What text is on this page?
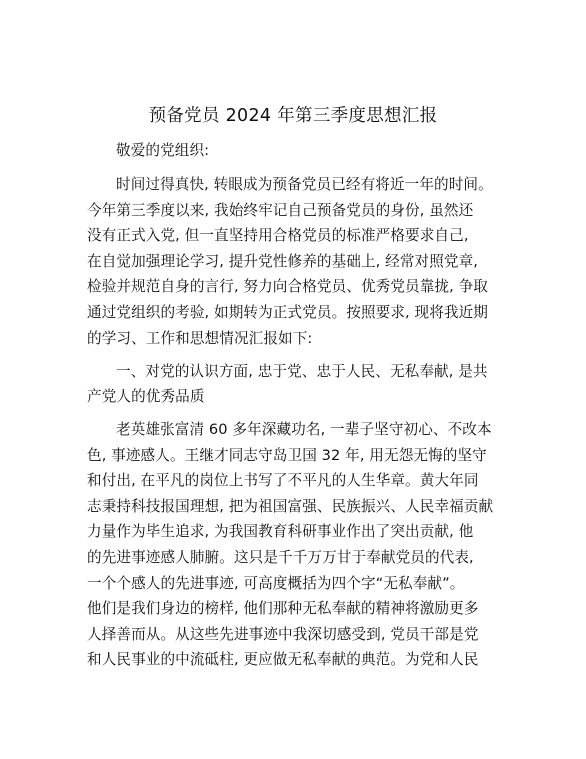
预备党员 2024 年第三季度思想汇报
敬爱的党组织:
时间过得真快, 转眼成为预备党员已经有将近一年的时间。
今年第三季度以来, 我始终牢记自己预备党员的身份, 虽然还
没有正式入党, 但一直坚持用合格党员的标准严格要求自己,
在自觉加强理论学习, 提升党性修养的基础上, 经常对照党章,
检验并规范自身的言行, 努力向合格党员、优秀党员靠拢, 争取
通过党组织的考验, 如期转为正式党员。按照要求, 现将我近期
的学习、工作和思想情况汇报如下:
一、对党的认识方面, 忠于党、忠于人民、无私奉献, 是共
产党人的优秀品质
老英雄张富清 60 多年深藏功名, 一辈子坚守初心、不改本
色, 事迹感人。王继才同志守岛卫国 32 年, 用无怨无悔的坚守
和付出, 在平凡的岗位上书写了不平凡的人生华章。黄大年同
志秉持科技报国理想, 把为祖国富强、民族振兴、人民幸福贡献
力量作为毕生追求, 为我国教育科研事业作出了突出贡献, 他
的先进事迹感人肺腑。这只是千千万万甘于奉献党员的代表,
一个个感人的先进事迹, 可高度概括为四个字“无私奉献”。
他们是我们身边的榜样, 他们那种无私奉献的精神将激励更多
人择善而从。从这些先进事迹中我深切感受到, 党员干部是党
和人民事业的中流砥柱, 更应做无私奉献的典范。为党和人民
